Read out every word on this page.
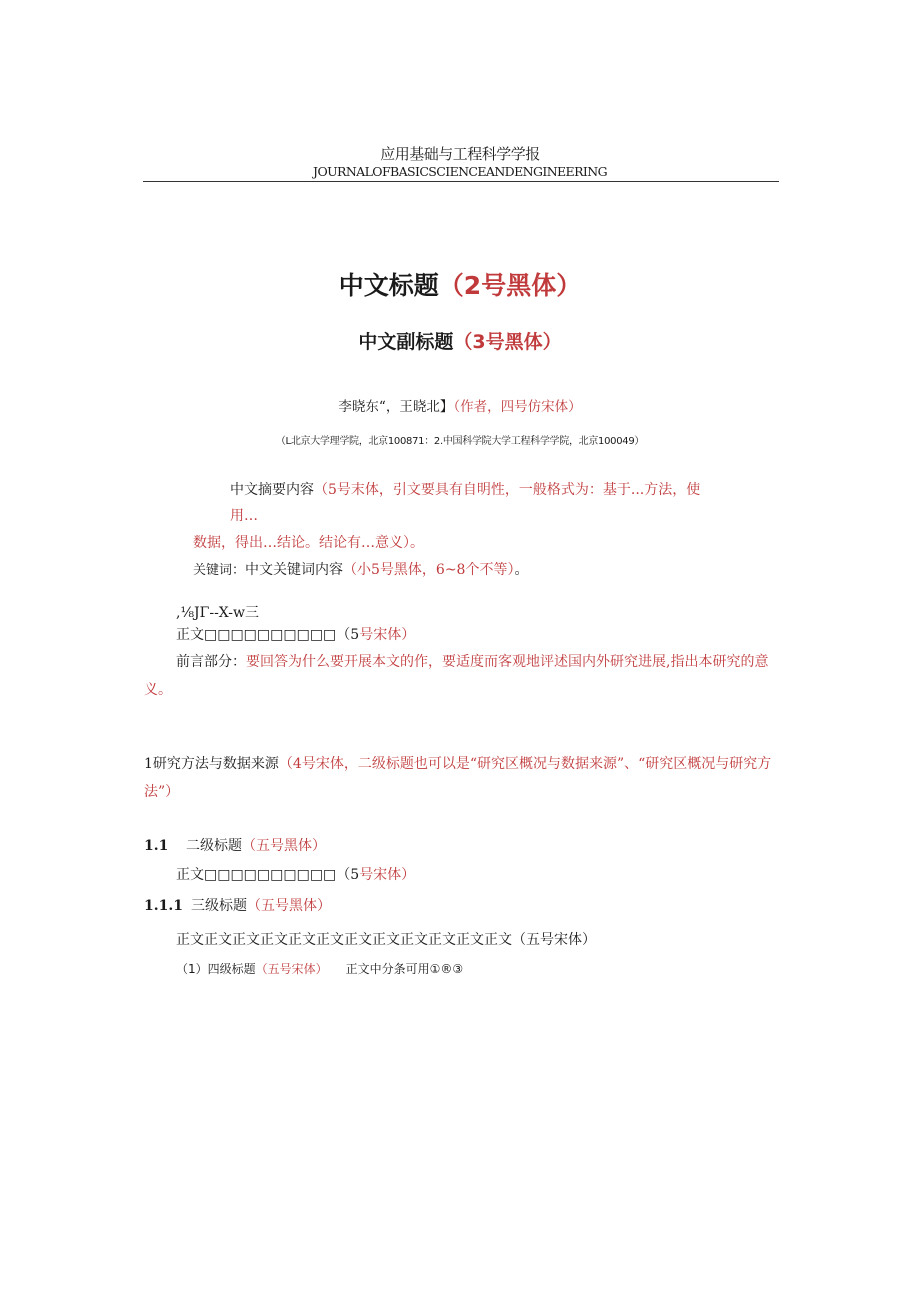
应用基础与工程科学学报
JOURNALOFBASICSCIENCEANDENGINEERING
中文标题（2号黑体）
中文副标题（3号黑体）
李晓东“，王晓北】（作者，四号仿宋体）
（L北京大学理学院，北京100871：2.中国科学院大学工程科学学院，北京100049）
中文摘要内容（5号末体，引文要具有自明性，一般格式为：基于...方法，使
用…
数据，得出…结论。结论有…意义）。
关键词：中文关键词内容（小5号黑体，6~8个不等）。
,⅛JΓ--X-w三
正文□□□□□□□□□□（5号宋体）
前言部分：要回答为什么要开展本文的作，要适度而客观地评述国内外研究进展,指出本研究的意义。
1研究方法与数据来源（4号宋体，二级标题也可以是“研究区概况与数据来源”、“研究区概况与研究方法”）
1.1 二级标题（五号黑体）
正文□□□□□□□□□□（5号宋体）
1.1.1 三级标题（五号黑体）
正文正文正文正文正文正文正文正文正文正文正文正文（五号宋体）
（1）四级标题（五号宋体） 正文中分条可用①®③
